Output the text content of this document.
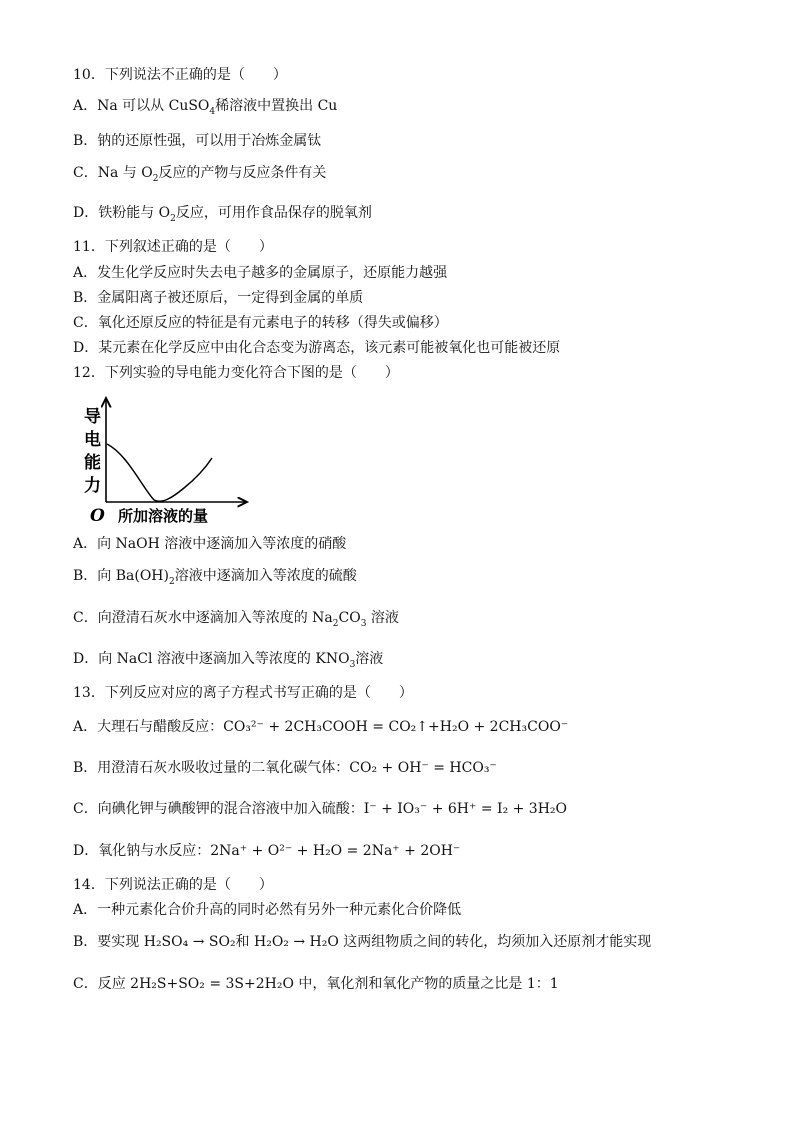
10．下列说法不正确的是（　　）
A．Na 可以从 CuSO$_4$稀溶液中置换出 Cu
B．钠的还原性强，可以用于冶炼金属钛
C．Na 与 $O_2$反应的产物与反应条件有关
D．铁粉能与 $O_2$反应，可用作食品保存的脱氧剂
11．下列叙述正确的是（　　）
A．发生化学反应时失去电子越多的金属原子，还原能力越强
B．金属阳离子被还原后，一定得到金属的单质
C．氧化还原反应的特征是有元素电子的转移（得失或偏移）
D．某元素在化学反应中由化合态变为游离态，该元素可能被氧化也可能被还原
12．下列实验的导电能力变化符合下图的是（　　）
导
电
能
力
O 所加溶液的量
A．向 NaOH 溶液中逐滴加入等浓度的硝酸
B．向 $Ba(OH)_2$溶液中逐滴加入等浓度的硫酸
C．向澄清石灰水中逐滴加入等浓度的 $Na_2CO_3$ 溶液
D．向 NaCl 溶液中逐滴加入等浓度的 $KNO_3$溶液
13．下列反应对应的离子方程式书写正确的是（　　）
A．大理石与醋酸反应：CO₃²⁻ + 2CH₃COOH = CO₂↑+H₂O + 2CH₃COO⁻
B．用澄清石灰水吸收过量的二氧化碳气体：CO₂ + OH⁻ = HCO₃⁻
C．向碘化钾与碘酸钾的混合溶液中加入硫酸：I⁻ + IO₃⁻ + 6H⁺ = I₂ + 3H₂O
D．氧化钠与水反应：2Na⁺ + O²⁻ + H₂O = 2Na⁺ + 2OH⁻
14．下列说法正确的是（　　）
A．一种元素化合价升高的同时必然有另外一种元素化合价降低
B．要实现 H₂SO₄ → SO₂和 H₂O₂ → H₂O 这两组物质之间的转化，均须加入还原剂才能实现
C．反应 2H₂S+SO₂ = 3S+2H₂O 中，氧化剂和氧化产物的质量之比是 1：1
